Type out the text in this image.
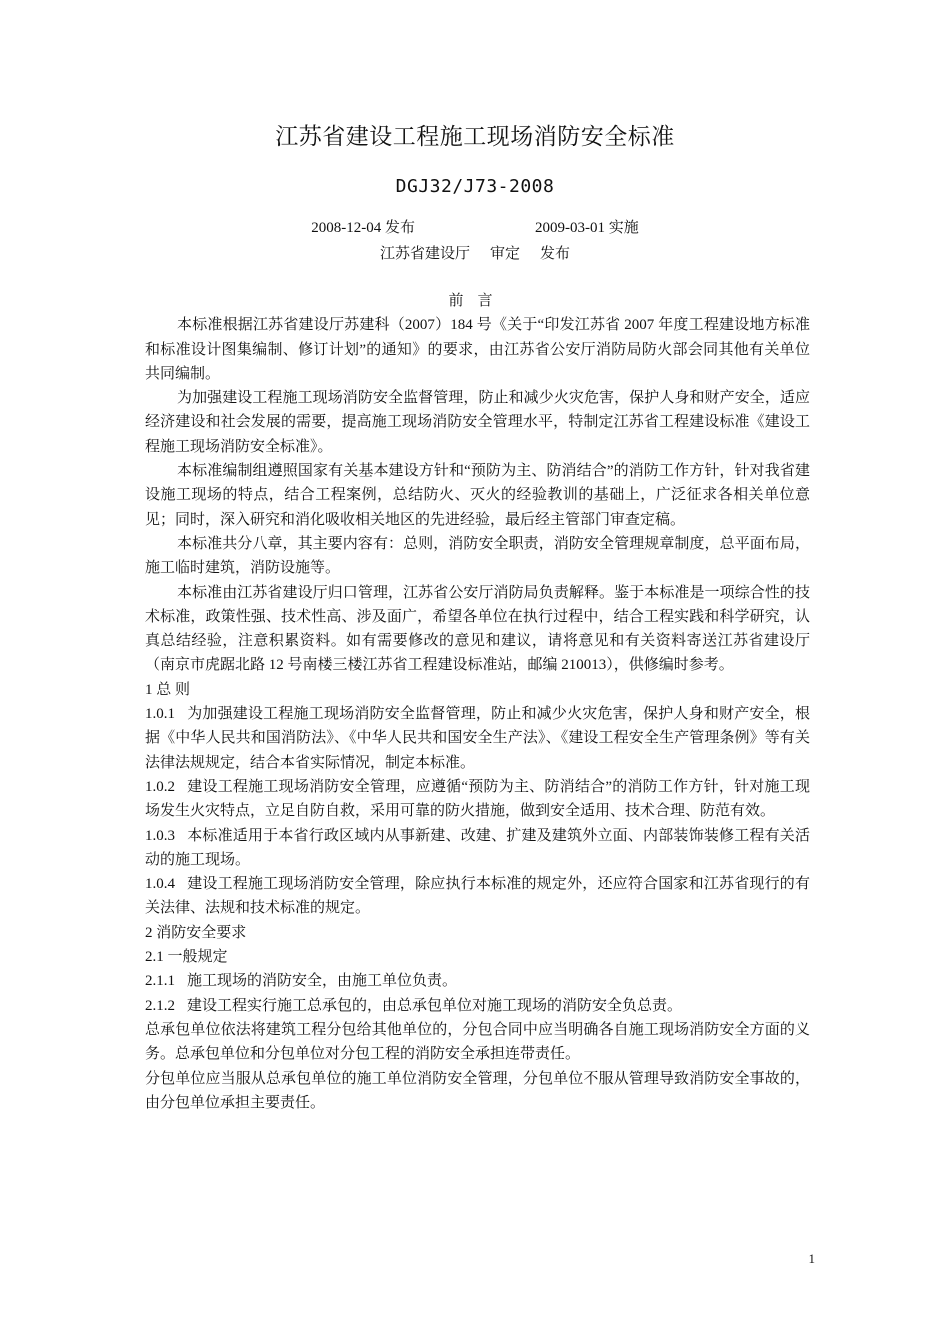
江苏省建设工程施工现场消防安全标准
DGJ32/J73-2008
2008-12-04 发布	2009-03-01 实施
江苏省建设厅 审定 发布

前言

本标准根据江苏省建设厅苏建科（2007）184 号《关于“印发江苏省 2007 年度工程建设地方标准和标准设计图集编制、修订计划”的通知》的要求，由江苏省公安厅消防局防火部会同其他有关单位共同编制。

为加强建设工程施工现场消防安全监督管理，防止和减少火灾危害，保护人身和财产安全，适应经济建设和社会发展的需要，提高施工现场消防安全管理水平，特制定江苏省工程建设标准《建设工程施工现场消防安全标准》。

本标准编制组遵照国家有关基本建设方针和“预防为主、防消结合”的消防工作方针，针对我省建设施工现场的特点，结合工程案例，总结防火、灭火的经验教训的基础上，广泛征求各相关单位意见；同时，深入研究和消化吸收相关地区的先进经验，最后经主管部门审查定稿。

本标准共分八章，其主要内容有：总则，消防安全职责，消防安全管理规章制度，总平面布局，施工临时建筑，消防设施等。

本标准由江苏省建设厅归口管理，江苏省公安厅消防局负责解释。鉴于本标准是一项综合性的技术标准，政策性强、技术性高、涉及面广，希望各单位在执行过程中，结合工程实践和科学研究，认真总结经验，注意积累资料。如有需要修改的意见和建议，请将意见和有关资料寄送江苏省建设厅（南京市虎踞北路 12 号南楼三楼江苏省工程建设标准站，邮编 210013），供修编时参考。

1 总 则

1.0.1 为加强建设工程施工现场消防安全监督管理，防止和减少火灾危害，保护人身和财产安全，根据《中华人民共和国消防法》、《中华人民共和国安全生产法》、《建设工程安全生产管理条例》等有关法律法规规定，结合本省实际情况，制定本标准。

1.0.2 建设工程施工现场消防安全管理，应遵循“预防为主、防消结合”的消防工作方针，针对施工现场发生火灾特点，立足自防自救，采用可靠的防火措施，做到安全适用、技术合理、防范有效。

1.0.3 本标准适用于本省行政区域内从事新建、改建、扩建及建筑外立面、内部装饰装修工程有关活动的施工现场。

1.0.4 建设工程施工现场消防安全管理，除应执行本标准的规定外，还应符合国家和江苏省现行的有关法律、法规和技术标准的规定。

2 消防安全要求

2.1 一般规定

2.1.1 施工现场的消防安全，由施工单位负责。

2.1.2 建设工程实行施工总承包的，由总承包单位对施工现场的消防安全负总责。

总承包单位依法将建筑工程分包给其他单位的，分包合同中应当明确各自施工现场消防安全方面的义务。总承包单位和分包单位对分包工程的消防安全承担连带责任。

分包单位应当服从总承包单位的施工单位消防安全管理，分包单位不服从管理导致消防安全事故的，由分包单位承担主要责任。

1
